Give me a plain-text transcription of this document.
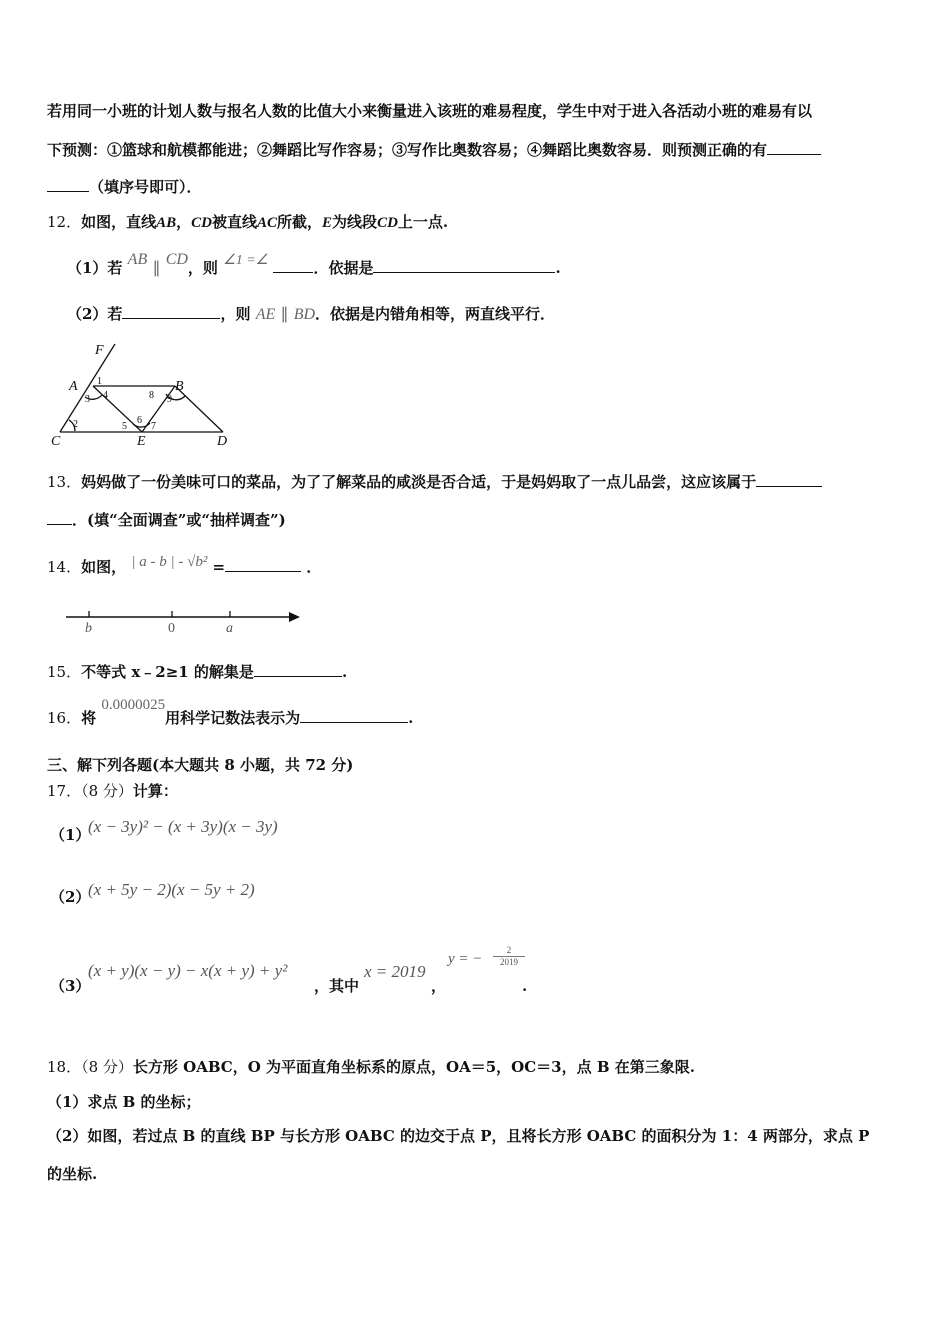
若用同一小班的计划人数与报名人数的比值大小来衡量进入该班的难易程度，学生中对于进入各活动小班的难易有以
下预测：①篮球和航模都能进；②舞蹈比写作容易；③写作比奥数容易；④舞蹈比奥数容易．则预测正确的有
（填序号即可）．
12．如图，直线AB，CD被直线AC所截，E为线段CD上一点.
（1）若 AB ∥ CD，则 ∠1 =∠	．依据是	.
（2）若	，则 AE ∥ BD．依据是内错角相等，两直线平行．
F
A	B
C	E	D
1
2
3 4
5
6
7
8 9
13．妈妈做了一份美味可口的菜品，为了了解菜品的咸淡是否合适，于是妈妈取了一点儿品尝，这应该属于
．(填“全面调查”或“抽样调查”)
14．如图， | a - b | - √b² =	．
b	0	a
15．不等式 x﹣2≥1 的解集是	.
16．将 0.0000025用科学记数法表示为	.
三、解下列各题(本大题共 8 小题，共 72 分)
17．（8 分）计算：
（1）
(x − 3y)² − (x + 3y)(x − 3y)
（2）
(x + 5y − 2)(x − 5y + 2)
（3）
(x + y)(x − y) − x(x + y) + y²
，其中
x = 2019
，
y = − $\frac{2}{2019}$
.
18．（8 分）长方形 OABC，O 为平面直角坐标系的原点，OA＝5，OC＝3，点 B 在第三象限.
（1）求点 B 的坐标；
（2）如图，若过点 B 的直线 BP 与长方形 OABC 的边交于点 P，且将长方形 OABC 的面积分为 1：4 两部分，求点 P
的坐标.
